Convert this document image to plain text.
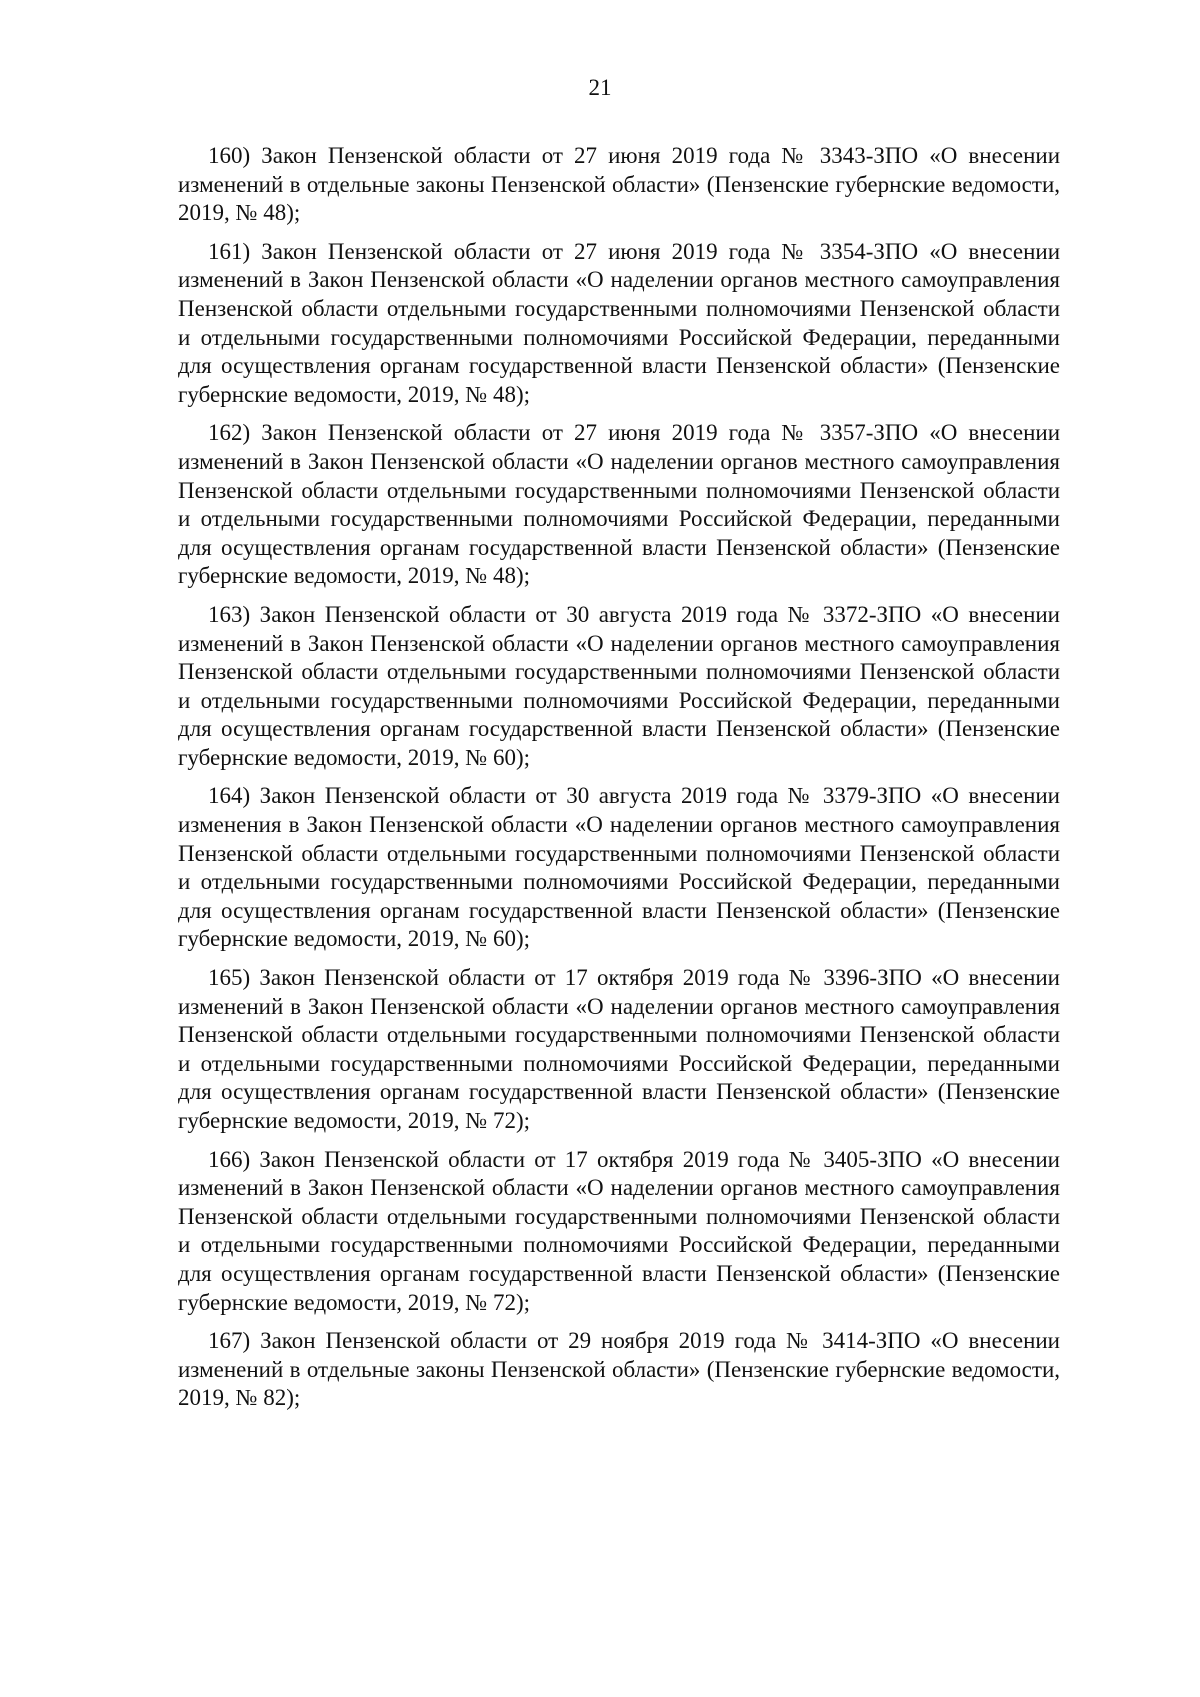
21

160) Закон Пензенской области от 27 июня 2019 года № 3343-ЗПО «О внесении изменений в отдельные законы Пензенской области» (Пензенские губернские ведомости, 2019, № 48);

161) Закон Пензенской области от 27 июня 2019 года № 3354-ЗПО «О внесении изменений в Закон Пензенской области «О наделении органов местного самоуправления Пензенской области отдельными государственными полномочиями Пензенской области и отдельными государственными полномочиями Российской Федерации, переданными для осуществления органам государственной власти Пензенской области» (Пензенские губернские ведомости, 2019, № 48);

162) Закон Пензенской области от 27 июня 2019 года № 3357-ЗПО «О внесении изменений в Закон Пензенской области «О наделении органов местного самоуправления Пензенской области отдельными государственными полномочиями Пензенской области и отдельными государственными полномочиями Российской Федерации, переданными для осуществления органам государственной власти Пензенской области» (Пензенские губернские ведомости, 2019, № 48);

163) Закон Пензенской области от 30 августа 2019 года № 3372-ЗПО «О внесении изменений в Закон Пензенской области «О наделении органов местного самоуправления Пензенской области отдельными государственными полномочиями Пензенской области и отдельными государственными полномочиями Российской Федерации, переданными для осуществления органам государственной власти Пензенской области» (Пензенские губернские ведомости, 2019, № 60);

164) Закон Пензенской области от 30 августа 2019 года № 3379-ЗПО «О внесении изменения в Закон Пензенской области «О наделении органов местного самоуправления Пензенской области отдельными государственными полномочиями Пензенской области и отдельными государственными полномочиями Российской Федерации, переданными для осуществления органам государственной власти Пензенской области» (Пензенские губернские ведомости, 2019, № 60);

165) Закон Пензенской области от 17 октября 2019 года № 3396-ЗПО «О внесении изменений в Закон Пензенской области «О наделении органов местного самоуправления Пензенской области отдельными государственными полномочиями Пензенской области и отдельными государственными полномочиями Российской Федерации, переданными для осуществления органам государственной власти Пензенской области» (Пензенские губернские ведомости, 2019, № 72);

166) Закон Пензенской области от 17 октября 2019 года № 3405-ЗПО «О внесении изменений в Закон Пензенской области «О наделении органов местного самоуправления Пензенской области отдельными государственными полномочиями Пензенской области и отдельными государственными полномочиями Российской Федерации, переданными для осуществления органам государственной власти Пензенской области» (Пензенские губернские ведомости, 2019, № 72);

167) Закон Пензенской области от 29 ноября 2019 года № 3414-ЗПО «О внесении изменений в отдельные законы Пензенской области» (Пензенские губернские ведомости, 2019, № 82);
